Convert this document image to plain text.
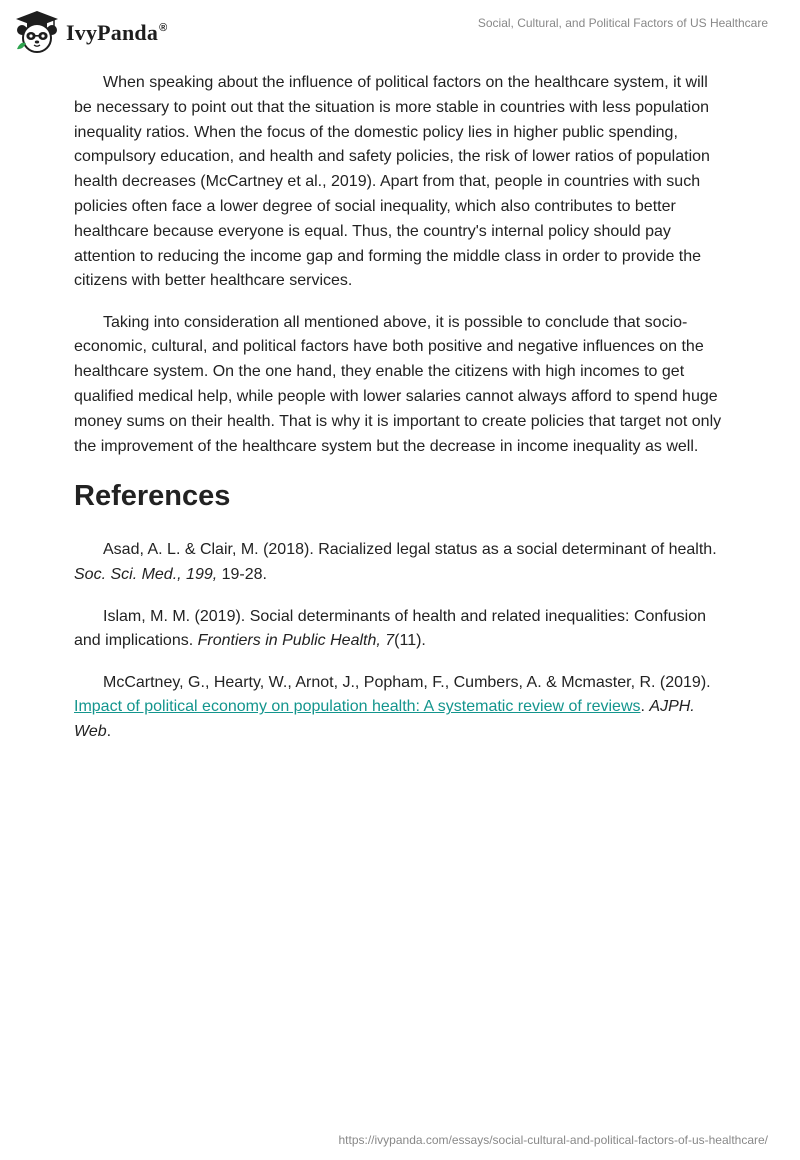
IvyPanda®	Social, Cultural, and Political Factors of US Healthcare

When speaking about the influence of political factors on the healthcare system, it will be necessary to point out that the situation is more stable in countries with less population inequality ratios. When the focus of the domestic policy lies in higher public spending, compulsory education, and health and safety policies, the risk of lower ratios of population health decreases (McCartney et al., 2019). Apart from that, people in countries with such policies often face a lower degree of social inequality, which also contributes to better healthcare because everyone is equal. Thus, the country's internal policy should pay attention to reducing the income gap and forming the middle class in order to provide the citizens with better healthcare services.

Taking into consideration all mentioned above, it is possible to conclude that socio-economic, cultural, and political factors have both positive and negative influences on the healthcare system. On the one hand, they enable the citizens with high incomes to get qualified medical help, while people with lower salaries cannot always afford to spend huge money sums on their health. That is why it is important to create policies that target not only the improvement of the healthcare system but the decrease in income inequality as well.

References

Asad, A. L. & Clair, M. (2018). Racialized legal status as a social determinant of health. Soc. Sci. Med., 199, 19-28.

Islam, M. M. (2019). Social determinants of health and related inequalities: Confusion and implications. Frontiers in Public Health, 7(11).

McCartney, G., Hearty, W., Arnot, J., Popham, F., Cumbers, A. & Mcmaster, R. (2019). Impact of political economy on population health: A systematic review of reviews. AJPH. Web.

https://ivypanda.com/essays/social-cultural-and-political-factors-of-us-healthcare/
